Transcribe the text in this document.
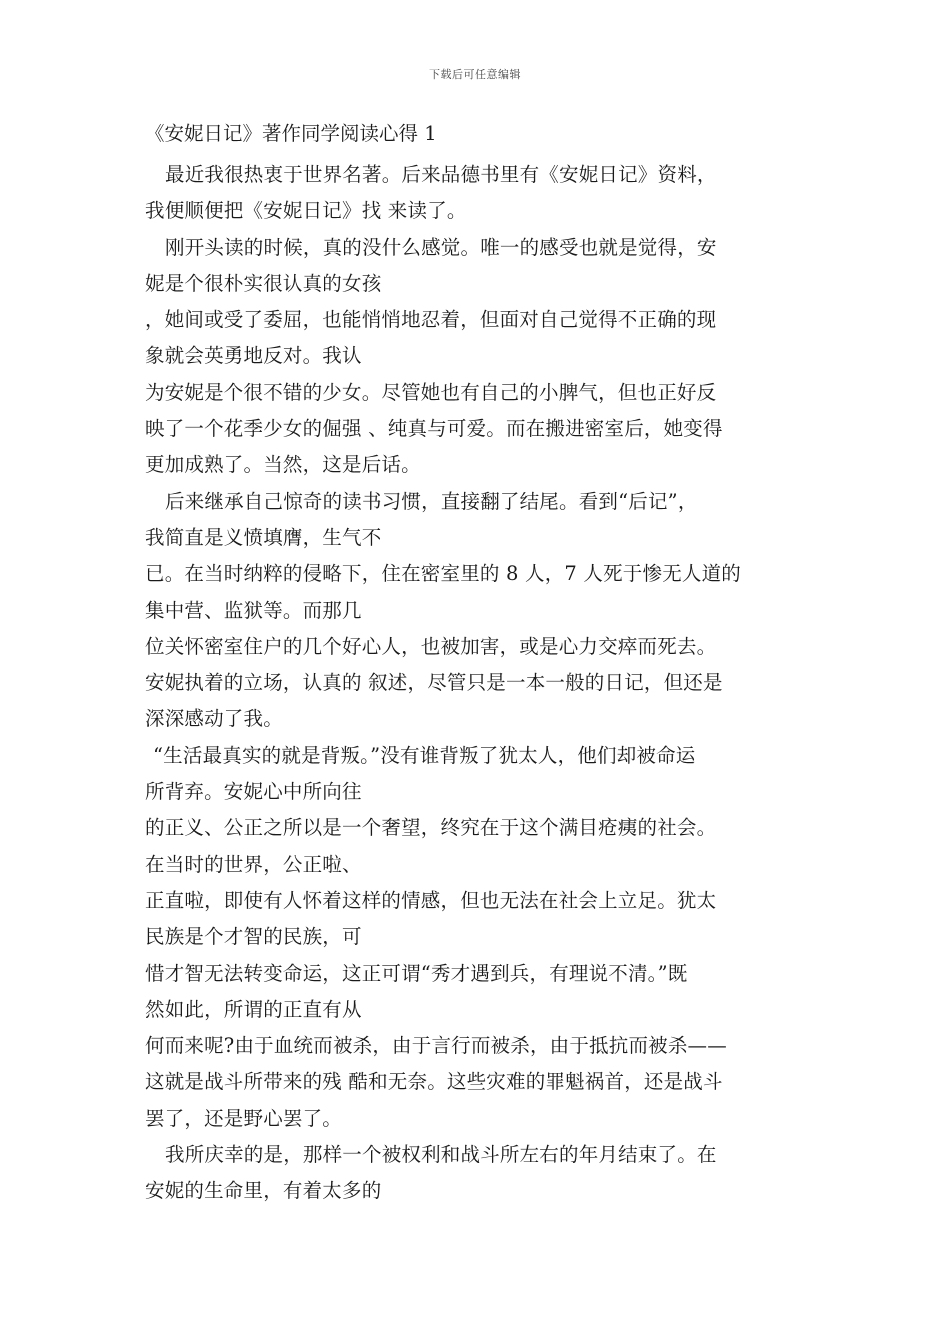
下载后可任意编辑
《安妮日记》著作同学阅读心得 1
最近我很热衷于世界名著。后来品德书里有《安妮日记》资料，
我便顺便把《安妮日记》找 来读了。
刚开头读的时候，真的没什么感觉。唯一的感受也就是觉得，安
妮是个很朴实很认真的女孩
，她间或受了委屈，也能悄悄地忍着，但面对自己觉得不正确的现
象就会英勇地反对。我认
为安妮是个很不错的少女。尽管她也有自己的小脾气，但也正好反
映了一个花季少女的倔强 、纯真与可爱。而在搬进密室后，她变得
更加成熟了。当然，这是后话。
后来继承自己惊奇的读书习惯，直接翻了结尾。看到“后记”，
我简直是义愤填膺，生气不
已。在当时纳粹的侵略下，住在密室里的 8 人，7 人死于惨无人道的
集中营、监狱等。而那几
位关怀密室住户的几个好心人，也被加害，或是心力交瘁而死去。
安妮执着的立场，认真的 叙述，尽管只是一本一般的日记，但还是
深深感动了我。
“生活最真实的就是背叛。”没有谁背叛了犹太人，他们却被命运
所背弃。安妮心中所向往
的正义、公正之所以是一个奢望，终究在于这个满目疮痍的社会。
在当时的世界，公正啦、
正直啦，即使有人怀着这样的情感，但也无法在社会上立足。犹太
民族是个才智的民族，可
惜才智无法转变命运，这正可谓“秀才遇到兵，有理说不清。”既
然如此，所谓的正直有从
何而来呢?由于血统而被杀，由于言行而被杀，由于抵抗而被杀——
这就是战斗所带来的残 酷和无奈。这些灾难的罪魁祸首，还是战斗
罢了，还是野心罢了。
我所庆幸的是，那样一个被权利和战斗所左右的年月结束了。在
安妮的生命里，有着太多的
